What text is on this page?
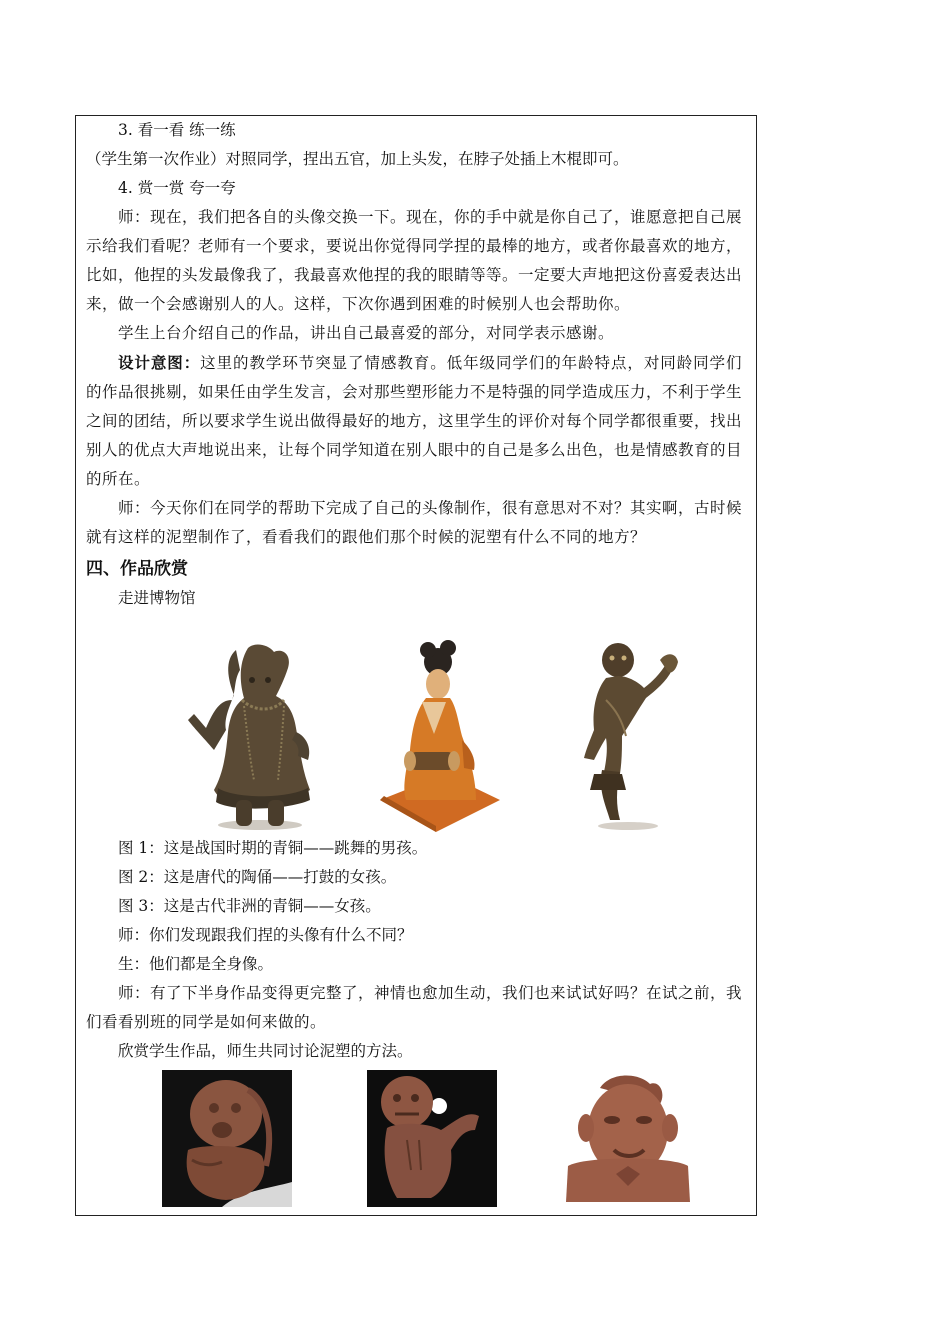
3. 看一看 练一练

（学生第一次作业）对照同学，捏出五官，加上头发，在脖子处插上木棍即可。

4. 赏一赏 夸一夸

师：现在，我们把各自的头像交换一下。现在，你的手中就是你自己了，谁愿意把自己展示给我们看呢？老师有一个要求，要说出你觉得同学捏的最棒的地方，或者你最喜欢的地方，比如，他捏的头发最像我了，我最喜欢他捏的我的眼睛等等。一定要大声地把这份喜爱表达出来，做一个会感谢别人的人。这样，下次你遇到困难的时候别人也会帮助你。

学生上台介绍自己的作品，讲出自己最喜爱的部分，对同学表示感谢。

设计意图：这里的教学环节突显了情感教育。低年级同学们的年龄特点，对同龄同学们的作品很挑剔，如果任由学生发言，会对那些塑形能力不是特强的同学造成压力，不利于学生之间的团结，所以要求学生说出做得最好的地方，这里学生的评价对每个同学都很重要，找出别人的优点大声地说出来，让每个同学知道在别人眼中的自己是多么出色，也是情感教育的目的所在。

师：今天你们在同学的帮助下完成了自己的头像制作，很有意思对不对？其实啊，古时候就有这样的泥塑制作了，看看我们的跟他们那个时候的泥塑有什么不同的地方？

四、作品欣赏

走进博物馆

图 1：这是战国时期的青铜——跳舞的男孩。

图 2：这是唐代的陶俑——打鼓的女孩。

图 3：这是古代非洲的青铜——女孩。

师：你们发现跟我们捏的头像有什么不同？

生：他们都是全身像。

师：有了下半身作品变得更完整了，神情也愈加生动，我们也来试试好吗？在试之前，我们看看别班的同学是如何来做的。

欣赏学生作品，师生共同讨论泥塑的方法。
